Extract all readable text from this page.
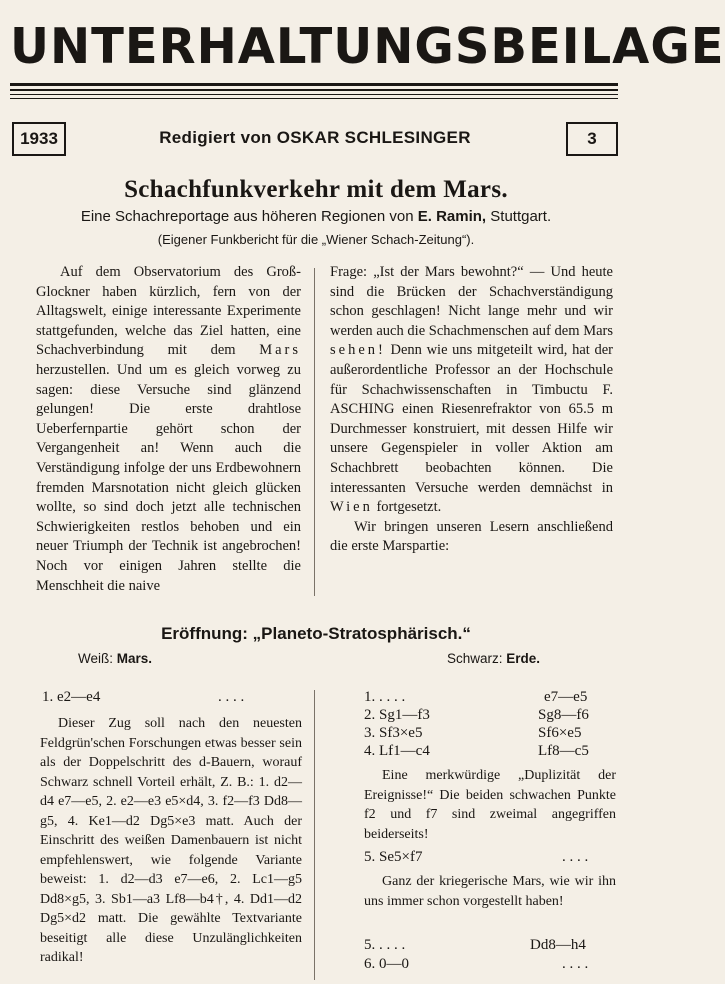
UNTERHALTUNGSBEILAGE
1933	Redigiert von OSKAR SCHLESINGER	3
Schachfunkverkehr mit dem Mars.
Eine Schachreportage aus höheren Regionen von E. Ramin, Stuttgart.
(Eigener Funkbericht für die „Wiener Schach-Zeitung“).

Auf dem Observatorium des Groß-Glockner haben kürzlich, fern von der Alltagswelt, einige interessante Experimente stattgefunden, welche das Ziel hatten, eine Schachverbindung mit dem Mars herzustellen. Und um es gleich vorweg zu sagen: diese Versuche sind glänzend gelungen! Die erste drahtlose Ueberfernpartie gehört schon der Vergangenheit an! Wenn auch die Verständigung infolge der uns Erdbewohnern fremden Marsnotation nicht gleich glücken wollte, so sind doch jetzt alle technischen Schwierigkeiten restlos behoben und ein neuer Triumph der Technik ist angebrochen! Noch vor einigen Jahren stellte die Menschheit die naive

Frage: „Ist der Mars bewohnt?“ — Und heute sind die Brücken der Schachverständigung schon geschlagen! Nicht lange mehr und wir werden auch die Schachmenschen auf dem Mars sehen! Denn wie uns mitgeteilt wird, hat der außerordentliche Professor an der Hochschule für Schachwissenschaften in Timbuctu F. ASCHING einen Riesenrefraktor von 65.5 m Durchmesser konstruiert, mit dessen Hilfe wir unsere Gegenspieler in voller Aktion am Schachbrett beobachten können. Die interessanten Versuche werden demnächst in Wien fortgesetzt.

Wir bringen unseren Lesern anschließend die erste Marspartie:

Eröffnung: „Planeto-Stratosphärisch.“
Weiß: Mars.	Schwarz: Erde.
1. e2—e4	. . . .

Dieser Zug soll nach den neuesten Feldgrün'schen Forschungen etwas besser sein als der Doppelschritt des d-Bauern, worauf Schwarz schnell Vorteil erhält, Z. B.: 1. d2—d4 e7—e5, 2. e2—e3 e5×d4, 3. f2—f3 Dd8—g5, 4. Ke1—d2 Dg5×e3 matt. Auch der Einschritt des weißen Damenbauern ist nicht empfehlenswert, wie folgende Variante beweist: 1. d2—d3 e7—e6, 2. Lc1—g5 Dd8×g5, 3. Sb1—a3 Lf8—b4†, 4. Dd1—d2 Dg5×d2 matt. Die gewählte Textvariante beseitigt alle diese Unzulänglichkeiten radikal!

1. . . . .	e7—e5
2. Sg1—f3	Sg8—f6
3. Sf3×e5	Sf6×e5
4. Lf1—c4	Lf8—c5

Eine merkwürdige „Duplizität der Ereignisse!“ Die beiden schwachen Punkte f2 und f7 sind zweimal angegriffen beiderseits!

5. Se5×f7	. . . .

Ganz der kriegerische Mars, wie wir ihn uns immer schon vorgestellt haben!

5. . . . .	Dd8—h4
6. 0—0	. . . .
